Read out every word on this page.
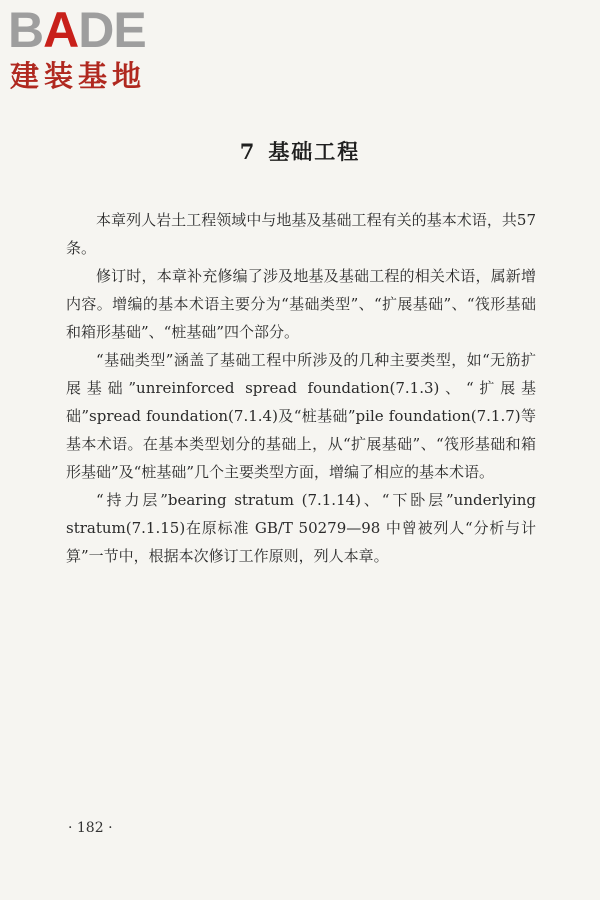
BADE
建装基地
7 基础工程

本章列人岩土工程领域中与地基及基础工程有关的基本术语，共57条。

修订时，本章补充修编了涉及地基及基础工程的相关术语，属新增内容。增编的基本术语主要分为“基础类型”、“扩展基础”、“筏形基础和箱形基础”、“桩基础”四个部分。

“基础类型”涵盖了基础工程中所涉及的几种主要类型，如“无筋扩展基础”unreinforced spread foundation(7.1.3)、“扩展基础”spread foundation(7.1.4)及“桩基础”pile foundation(7.1.7)等基本术语。在基本类型划分的基础上，从“扩展基础”、“筏形基础和箱形基础”及“桩基础”几个主要类型方面，增编了相应的基本术语。

“持力层”bearing stratum (7.1.14)、“下卧层”underlying stratum(7.1.15)在原标准 GB/T 50279—98 中曾被列人“分析与计算”一节中，根据本次修订工作原则，列人本章。

· 182 ·
